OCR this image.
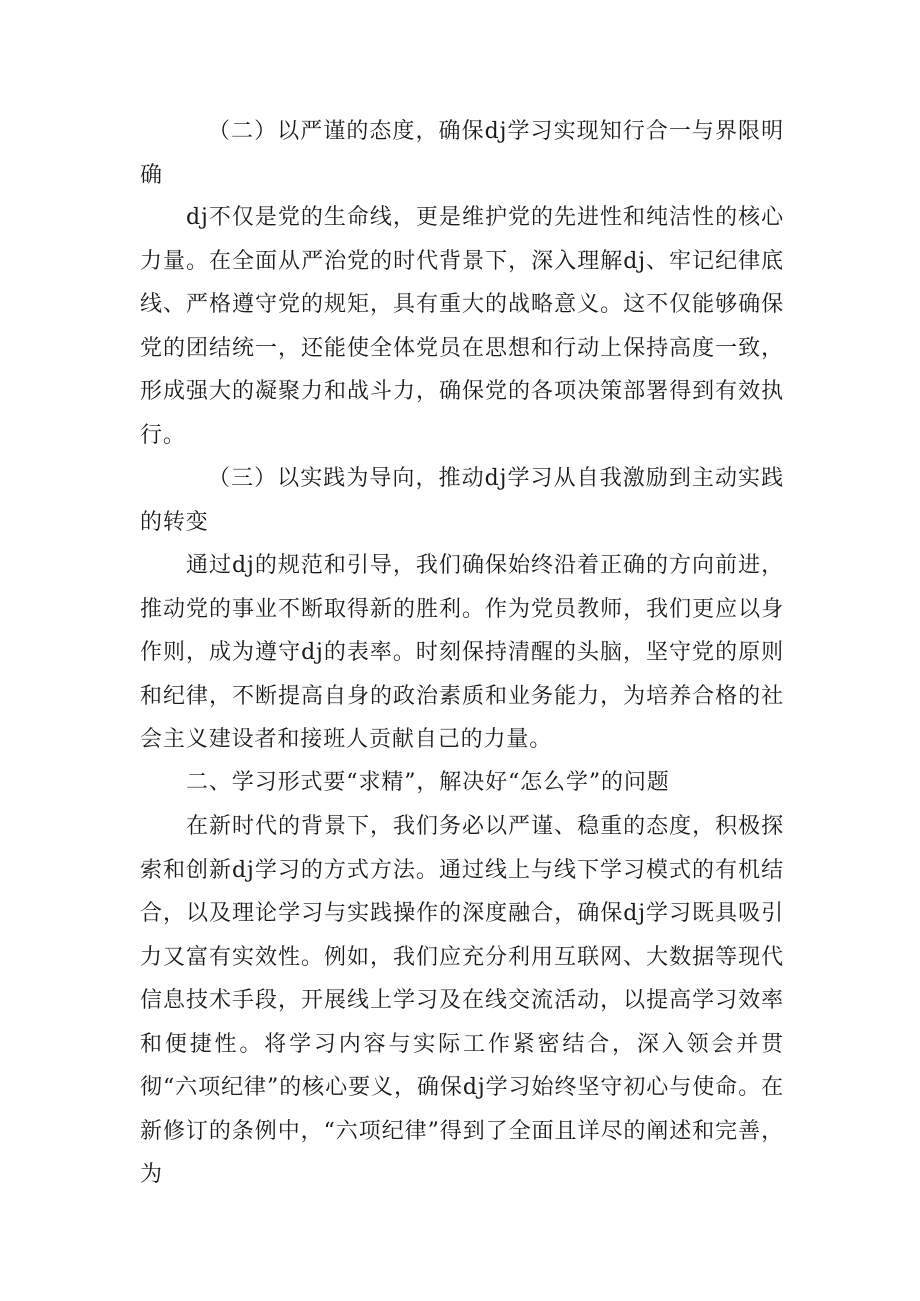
（二）以严谨的态度，确保dj学习实现知行合一与界限明确

dj不仅是党的生命线，更是维护党的先进性和纯洁性的核心力量。在全面从严治党的时代背景下，深入理解dj、牢记纪律底线、严格遵守党的规矩，具有重大的战略意义。这不仅能够确保党的团结统一，还能使全体党员在思想和行动上保持高度一致，形成强大的凝聚力和战斗力，确保党的各项决策部署得到有效执行。

（三）以实践为导向，推动dj学习从自我激励到主动实践的转变

通过dj的规范和引导，我们确保始终沿着正确的方向前进，推动党的事业不断取得新的胜利。作为党员教师，我们更应以身作则，成为遵守dj的表率。时刻保持清醒的头脑，坚守党的原则和纪律，不断提高自身的政治素质和业务能力，为培养合格的社会主义建设者和接班人贡献自己的力量。

二、学习形式要“求精”，解决好“怎么学”的问题

在新时代的背景下，我们务必以严谨、稳重的态度，积极探索和创新dj学习的方式方法。通过线上与线下学习模式的有机结合，以及理论学习与实践操作的深度融合，确保dj学习既具吸引力又富有实效性。例如，我们应充分利用互联网、大数据等现代信息技术手段，开展线上学习及在线交流活动，以提高学习效率和便捷性。将学习内容与实际工作紧密结合，深入领会并贯彻“六项纪律”的核心要义，确保dj学习始终坚守初心与使命。在新修订的条例中，“六项纪律”得到了全面且详尽的阐述和完善，为
